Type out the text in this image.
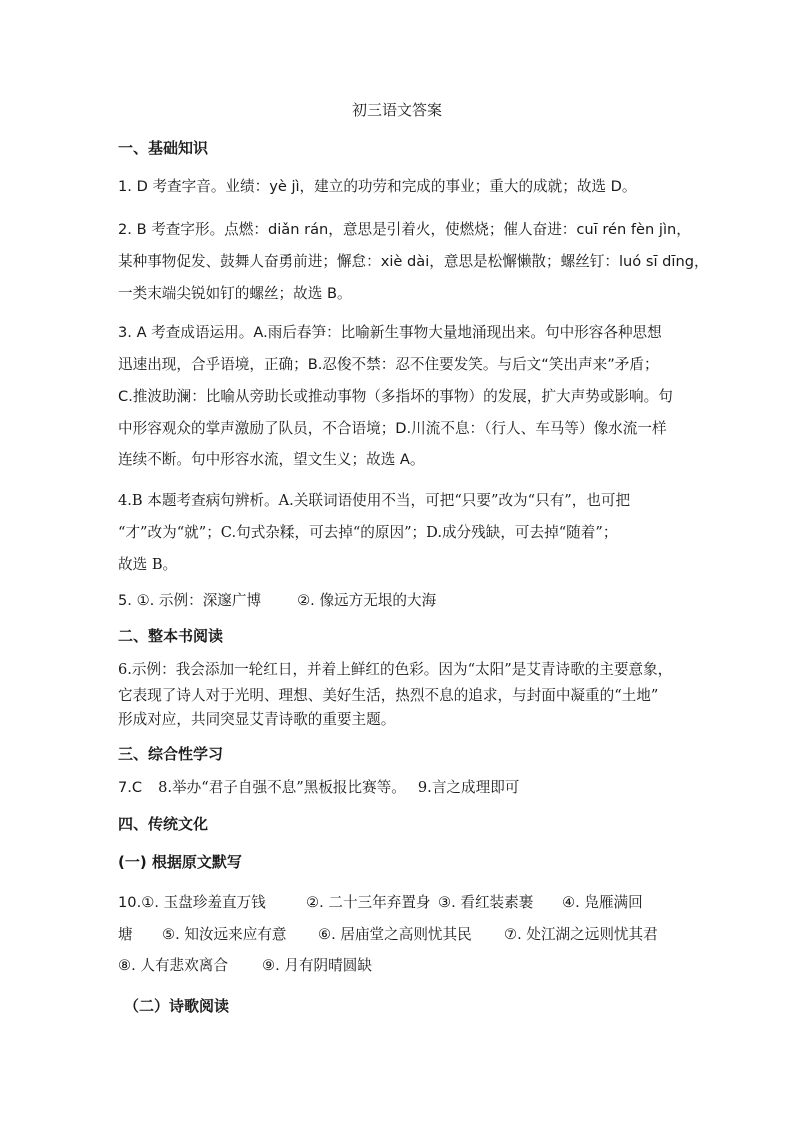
初三语文答案
一、基础知识
1. D 考查字音。业绩：yè jì，建立的功劳和完成的事业；重大的成就；故选 D。
2. B 考查字形。点燃：diǎn rán，意思是引着火，使燃烧；催人奋进：cuī rén fèn jìn，
某种事物促发、鼓舞人奋勇前进；懈怠：xiè dài，意思是松懈懒散；螺丝钉：luó sī dīng，
一类末端尖锐如钉的螺丝；故选 B。
3. A 考查成语运用。A.雨后春笋：比喻新生事物大量地涌现出来。句中形容各种思想
迅速出现，合乎语境，正确；B.忍俊不禁：忍不住要发笑。与后文“笑出声来”矛盾；
C.推波助澜：比喻从旁助长或推动事物（多指坏的事物）的发展，扩大声势或影响。句
中形容观众的掌声激励了队员，不合语境；D.川流不息：（行人、车马等）像水流一样
连续不断。句中形容水流，望文生义；故选 A。
4.B 本题考查病句辨析。A.关联词语使用不当，可把“只要”改为“只有”，也可把
“才”改为“就”；C.句式杂糅，可去掉“的原因”；D.成分残缺，可去掉“随着”；
故选 B。
5. ①. 示例：深邃广博 ②. 像远方无垠的大海
二、整本书阅读
6.示例：我会添加一轮红日，并着上鲜红的色彩。因为“太阳”是艾青诗歌的主要意象，
它表现了诗人对于光明、理想、美好生活，热烈不息的追求，与封面中凝重的“土地”
形成对应，共同突显艾青诗歌的重要主题。
三、综合性学习
7.C 8.举办“君子自强不息”黑板报比赛等。 9.言之成理即可
四、传统文化
(一) 根据原文默写
10.①. 玉盘珍羞直万钱	②. 二十三年弃置身 ③. 看红装素裹 ④. 凫雁满回
塘 ⑤. 知汝远来应有意 ⑥. 居庙堂之高则忧其民 ⑦. 处江湖之远则忧其君
⑧. 人有悲欢离合 ⑨. 月有阴晴圆缺
（二）诗歌阅读
